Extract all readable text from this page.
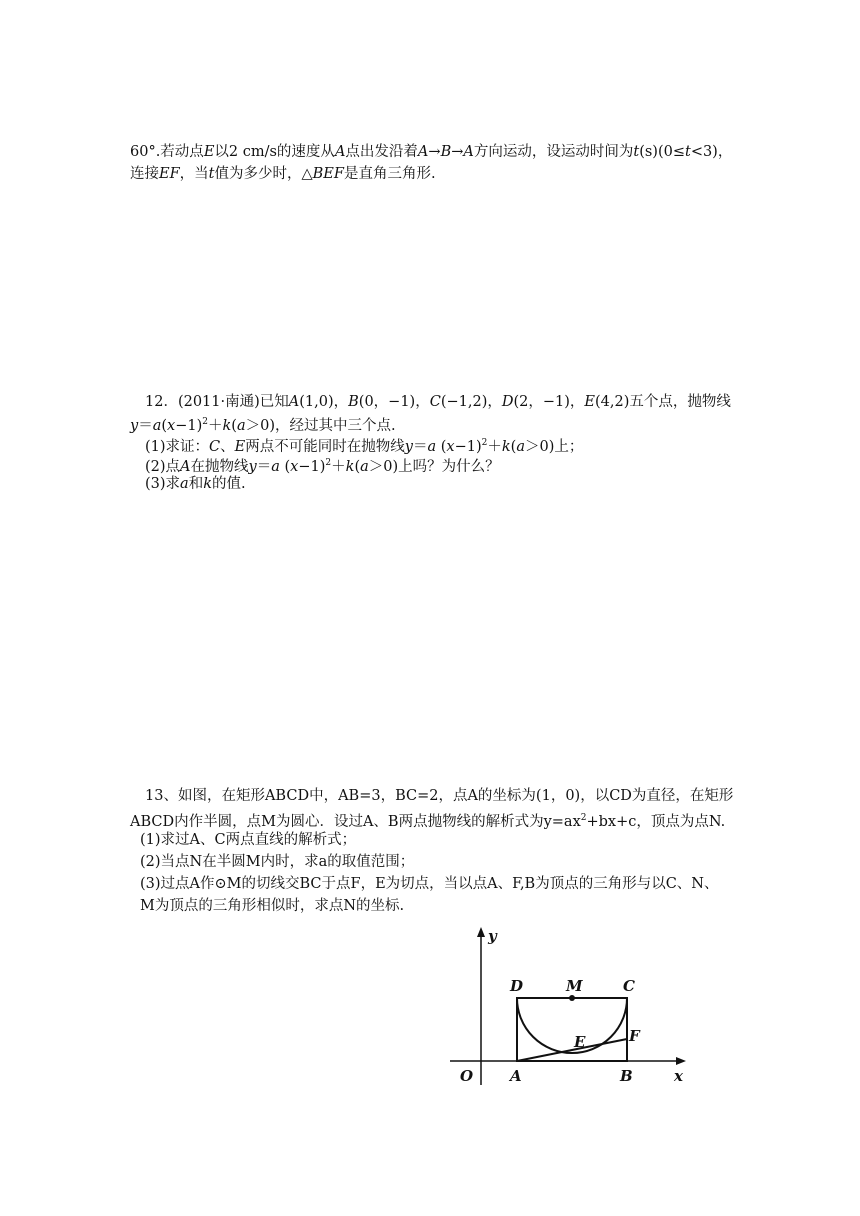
60°.若动点E以2 cm/s的速度从A点出发沿着A→B→A方向运动，设运动时间为t(s)(0≤t<3)，
连接EF，当t值为多少时，△BEF是直角三角形.
12．(2011·南通)已知A(1,0)，B(0，−1)，C(−1,2)，D(2，−1)，E(4,2)五个点，抛物线
$y=a(x-1)^2+k(a>0)$，经过其中三个点.
(1)求证：C、E两点不可能同时在抛物线y＝a $(x-1)^2+k(a>0)$上；
(2)点A在抛物线y＝a $(x-1)^2+k(a>0)$上吗？为什么？
(3)求a和k的值.
13、如图，在矩形ABCD中，AB=3，BC=2，点A的坐标为(1，0)，以CD为直径，在矩形
ABCD内作半圆，点M为圆心．设过A、B两点抛物线的解析式为$y=ax^2+bx+c$，顶点为点N.
(1)求过A、C两点直线的解析式；
(2)当点N在半圆M内时，求a的取值范围；
(3)过点A作⊙M的切线交BC于点F，E为切点，当以点A、F,B为顶点的三角形与以C、N、
M为顶点的三角形相似时，求点N的坐标.
y
x
O A	B
D	M	C
E	F
